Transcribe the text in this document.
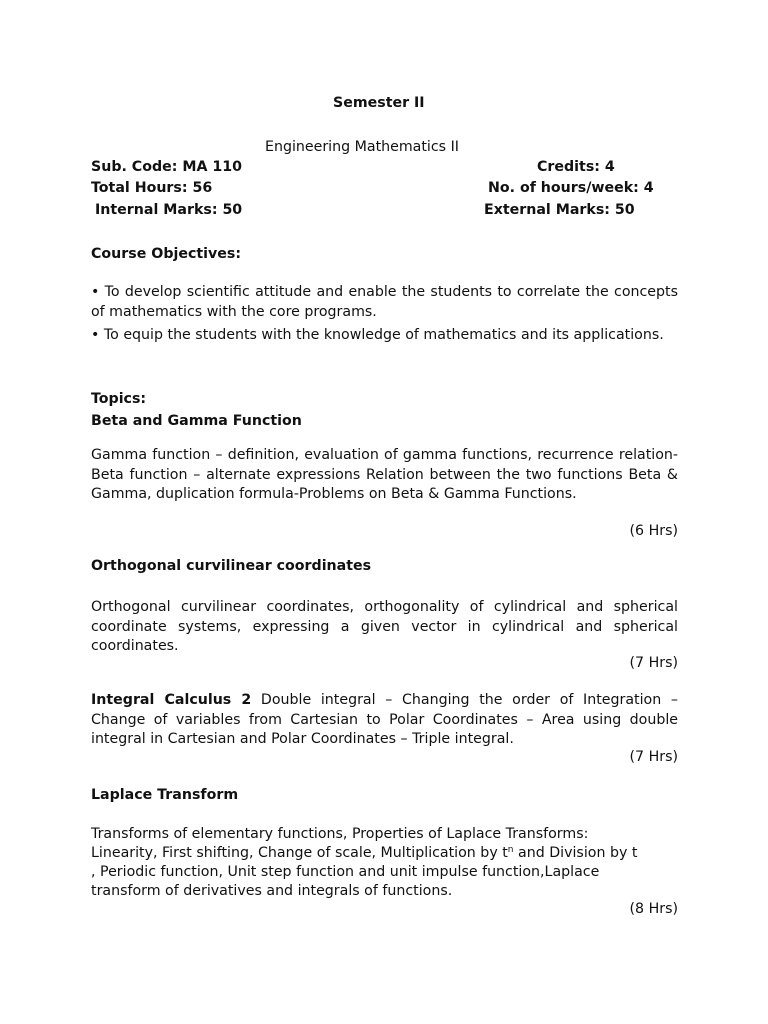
Semester II
Engineering Mathematics II
Sub. Code: MA 110	Credits: 4
Total Hours: 56	No. of hours/week: 4
Internal Marks: 50	External Marks: 50
Course Objectives:
• To develop scientific attitude and enable the students to correlate the concepts of mathematics with the core programs.
• To equip the students with the knowledge of mathematics and its applications.
Topics:
Beta and Gamma Function
Gamma function – definition, evaluation of gamma functions, recurrence relation-Beta function – alternate expressions Relation between the two functions Beta & Gamma, duplication formula-Problems on Beta & Gamma Functions.
(6 Hrs)
Orthogonal curvilinear coordinates
Orthogonal curvilinear coordinates, orthogonality of cylindrical and spherical coordinate systems, expressing a given vector in cylindrical and spherical coordinates.
(7 Hrs)
Integral Calculus 2 Double integral – Changing the order of Integration – Change of variables from Cartesian to Polar Coordinates – Area using double integral in Cartesian and Polar Coordinates – Triple integral.
(7 Hrs)
Laplace Transform
Transforms of elementary functions, Properties of Laplace Transforms:
Linearity, First shifting, Change of scale, Multiplication by $t^n$ and Division by t
, Periodic function, Unit step function and unit impulse function,Laplace
transform of derivatives and integrals of functions.
(8 Hrs)
